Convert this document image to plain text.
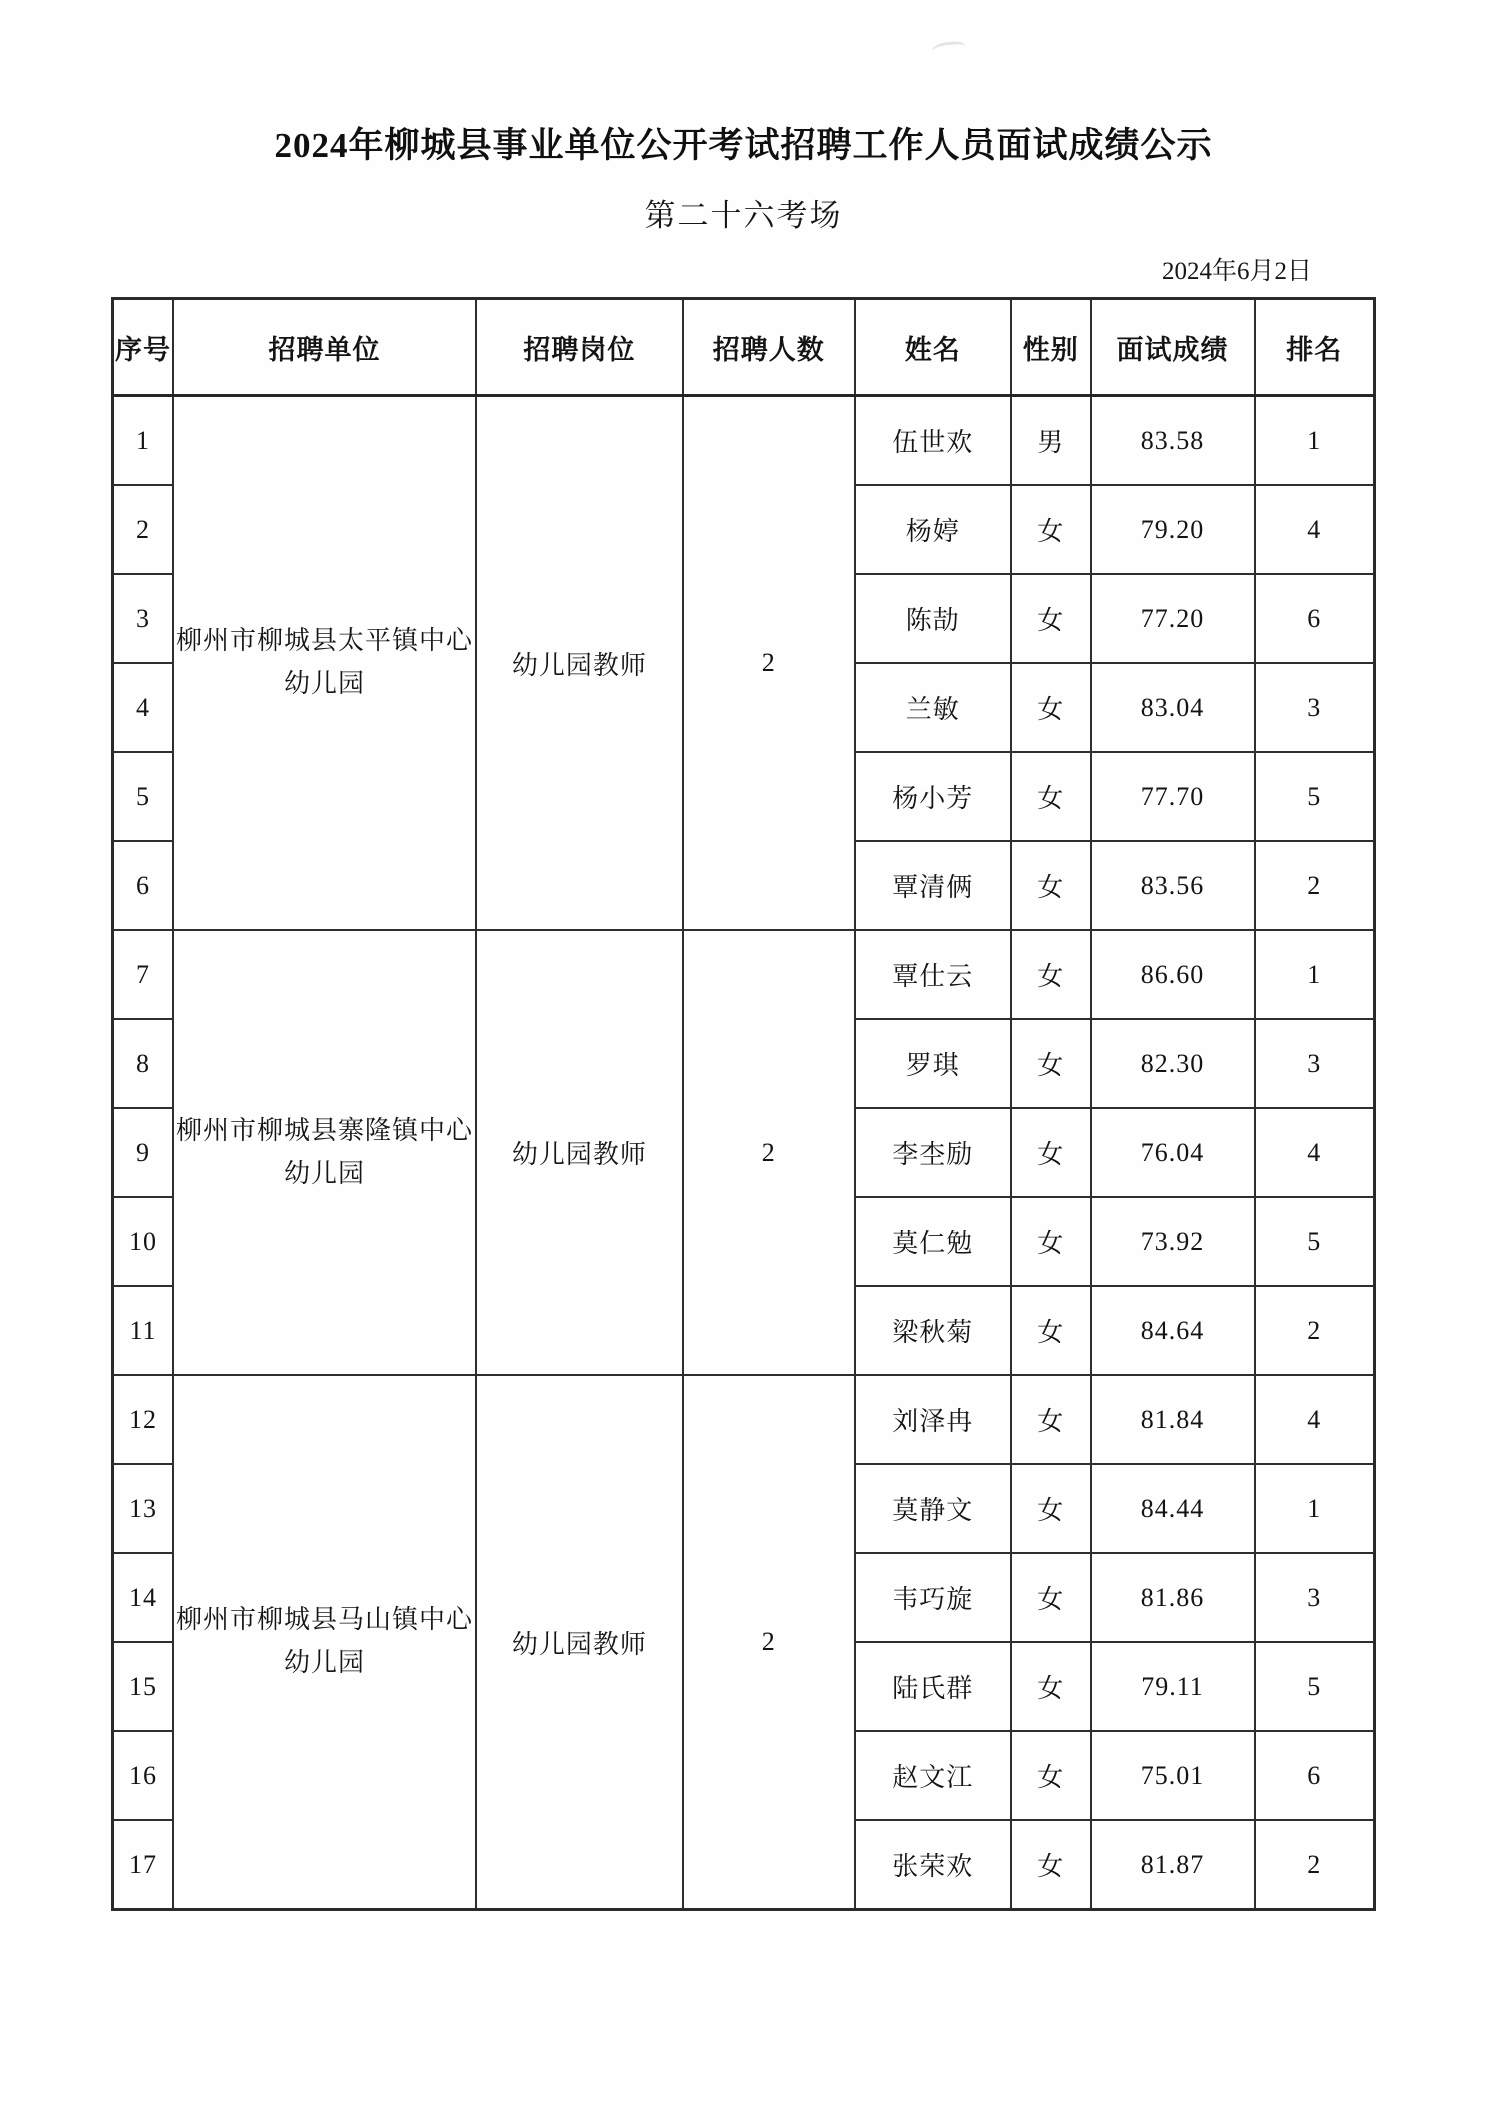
2024年柳城县事业单位公开考试招聘工作人员面试成绩公示
第二十六考场
2024年6月2日
序号	招聘单位	招聘岗位	招聘人数	姓名	性别	面试成绩	排名
1	柳州市柳城县太平镇中心幼儿园	幼儿园教师	2	伍世欢	男	83.58	1
2				杨婷	女	79.20	4
3				陈劼	女	77.20	6
4				兰敏	女	83.04	3
5				杨小芳	女	77.70	5
6				覃清俩	女	83.56	2
7	柳州市柳城县寨隆镇中心幼儿园	幼儿园教师	2	覃仕云	女	86.60	1
8				罗琪	女	82.30	3
9				李杢励	女	76.04	4
10				莫仁勉	女	73.92	5
11				梁秋菊	女	84.64	2
12	柳州市柳城县马山镇中心幼儿园	幼儿园教师	2	刘泽冉	女	81.84	4
13				莫静文	女	84.44	1
14				韦巧旋	女	81.86	3
15				陆氏群	女	79.11	5
16				赵文江	女	75.01	6
17				张荣欢	女	81.87	2
